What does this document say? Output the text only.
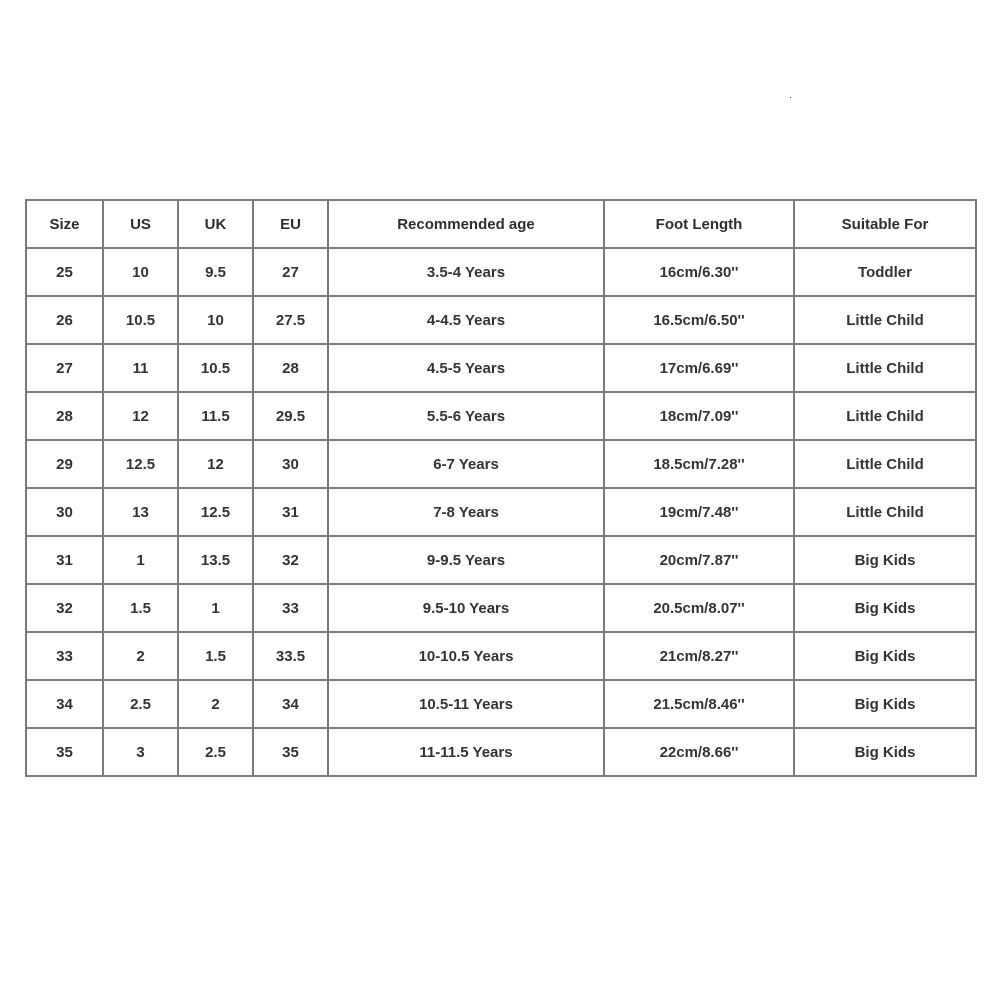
Size	US	UK	EU	Recommended age	Foot Length	Suitable For
25	10	9.5	27	3.5-4 Years	16cm/6.30''	Toddler
26	10.5	10	27.5	4-4.5 Years	16.5cm/6.50''	Little Child
27	11	10.5	28	4.5-5 Years	17cm/6.69''	Little Child
28	12	11.5	29.5	5.5-6 Years	18cm/7.09''	Little Child
29	12.5	12	30	6-7 Years	18.5cm/7.28''	Little Child
30	13	12.5	31	7-8 Years	19cm/7.48''	Little Child
31	1	13.5	32	9-9.5 Years	20cm/7.87''	Big Kids
32	1.5	1	33	9.5-10 Years	20.5cm/8.07''	Big Kids
33	2	1.5	33.5	10-10.5 Years	21cm/8.27''	Big Kids
34	2.5	2	34	10.5-11 Years	21.5cm/8.46''	Big Kids
35	3	2.5	35	11-11.5 Years	22cm/8.66''	Big Kids
